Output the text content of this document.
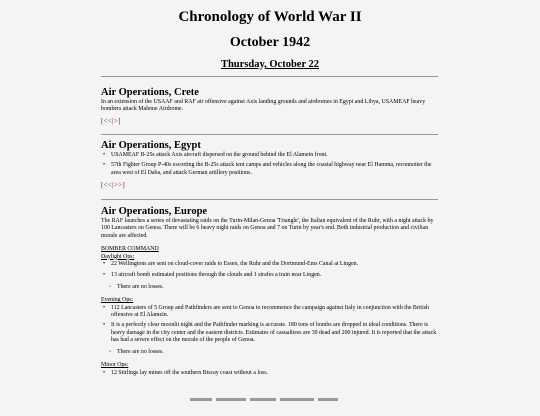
Chronology of World War II
October 1942
Thursday, October 22
Air Operations, Crete

In an extension of the USAAF and RAF air offensive against Axis landing grounds and airdromes in Egypt and Libya, USAMEAF heavy bombers attack Maleme Airdrome.

[<<|>]
Air Operations, Egypt
• USAMEAF B-25s attack Axis aircraft dispersed on the ground behind the El Alamein front.
• 57th Fighter Group P-40s escorting the B-25s attack tent camps and vehicles along the coastal highway near El Hamma, reconnoiter the area west of El Daba, and attack German artillery positions.
[<<|>>]
Air Operations, Europe

The RAF launches a series of devastating raids on the Turin-Milan-Genoa 'Triangle', the Italian equivalent of the Ruhr, with a night attack by 100 Lancasters on Genoa. There will be 6 heavy night raids on Genoa and 7 on Turin by year's end. Both industrial production and civilian morale are affected.

BOMBER COMMAND

Daylight Ops:

• 22 Wellingtons are sent on cloud-cover raids to Essen, the Ruhr and the Dortmund-Ems Canal at Lingen.
• 13 aircraft bomb estimated positions through the clouds and 1 strafes a train near Lingen.
◦ There are no losses.

Evening Ops:

• 112 Lancasters of 5 Group and Pathfinders are sent to Genoa to recommence the campaign against Italy in conjunction with the British offensive at El Alamein.
• It is a perfectly clear moonlit night and the Pathfinder marking is accurate. 180 tons of bombs are dropped in ideal conditions. There is heavy damage in the city center and the eastern districts. Estimates of casualtiess are 39 dead and 200 injured. It is reported that the attack has had a severe effect on the morale of the people of Genoa.
◦ There are no losses.

Minor Ops:

• 12 Stirlings lay mines off the southern Biscay coast without a loss.
